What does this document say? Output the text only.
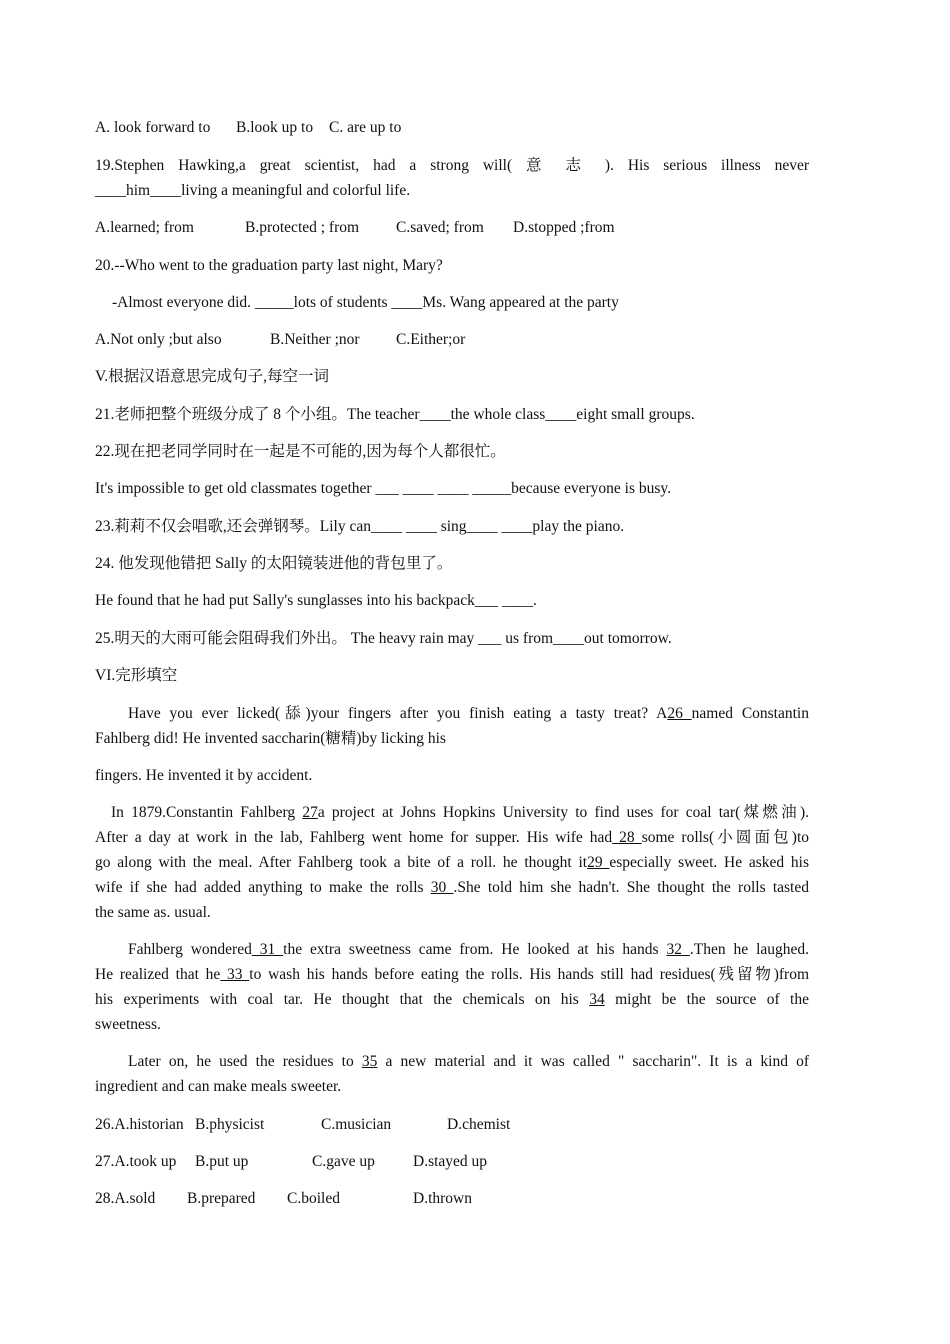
A. look forward to B.look up to C. are up to
19.Stephen Hawking,a great scientist, had a strong will( 意 志 ). His serious illness never
____him____living a meaningful and colorful life.
A.learned; from	B.protected ; from C.saved; from D.stopped ;from
20.--Who went to the graduation party last night, Mary?
-Almost everyone did. _____lots of students ____Ms. Wang appeared at the party
A.Not only ;but also	B.Neither ;nor C.Either;or
V.根据汉语意思完成句子,每空一词
21.老师把整个班级分成了 8 个小组。The teacher____the whole class____eight small groups.
22.现在把老同学同时在一起是不可能的,因为每个人都很忙。
It's impossible to get old classmates together ___ ____ ____ _____because everyone is busy.
23.莉莉不仅会唱歌,还会弹钢琴。Lily can____ ____ sing____ ____play the piano.
24. 他发现他错把 Sally 的太阳镜装进他的背包里了。
He found that he had put Sally's sunglasses into his backpack___ ____.
25.明天的大雨可能会阻碍我们外出。 The heavy rain may ___ us from____out tomorrow.
VI.完形填空
Have you ever licked(舔)your fingers after you finish eating a tasty treat? A26 named Constantin
Fahlberg did! He invented saccharin(糖精)by licking his
fingers. He invented it by accident.
In 1879.Constantin Fahlberg 27a project at Johns Hopkins University to find uses for coal tar(煤燃油).
After a day at work in the lab, Fahlberg went home for supper. His wife had 28 some rolls(小圆面包)to
go along with the meal. After Fahlberg took a bite of a roll. he thought it29 especially sweet. He asked his
wife if she had added anything to make the rolls 30 .She told him she hadn't. She thought the rolls tasted
the same as. usual.
Fahlberg wondered 31 the extra sweetness came from. He looked at his hands 32 .Then he laughed.
He realized that he 33 to wash his hands before eating the rolls. His hands still had residues(残留物)from
his experiments with coal tar. He thought that the chemicals on his 34 might be the source of the
sweetness.
Later on, he used the residues to 35 a new material and it was called " saccharin". It is a kind of
ingredient and can make meals sweeter.
26.A.historian B.physicist	C.musician	D.chemist
27.A.took up B.put up	C.gave up D.stayed up
28.A.sold B.prepared C.boiled	D.thrown
